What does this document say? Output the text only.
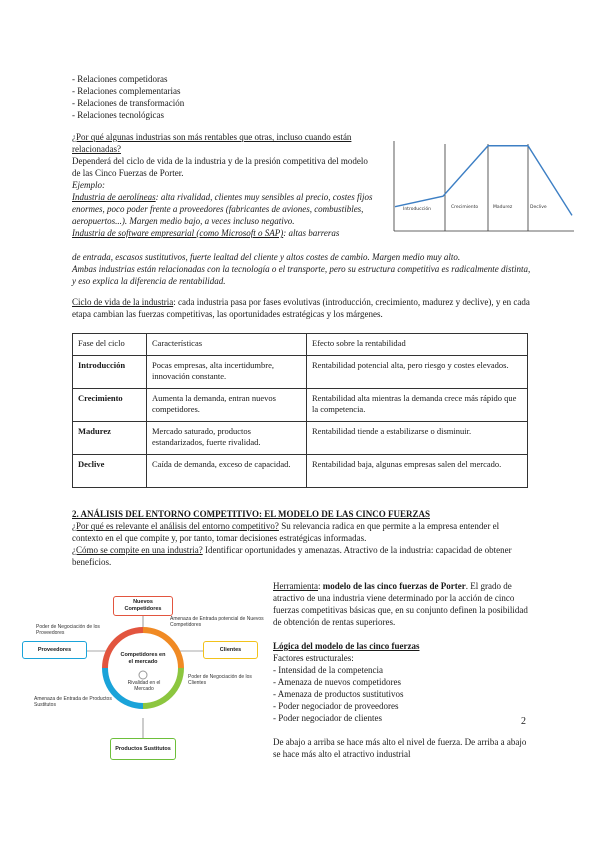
- Relaciones competidoras
- Relaciones complementarias
- Relaciones de transformación
- Relaciones tecnológicas
¿Por qué algunas industrias son más rentables que otras, incluso cuando están relacionadas?
Dependerá del ciclo de vida de la industria y de la presión competitiva del modelo de las Cinco Fuerzas de Porter.
Ejemplo:
Industria de aerolíneas: alta rivalidad, clientes muy sensibles al precio, costes fijos enormes, poco poder frente a proveedores (fabricantes de aviones, combustibles, aeropuertos...). Margen medio bajo, a veces incluso negativo.
Industria de software empresarial (como Microsoft o SAP): altas barreras
de entrada, escasos sustitutivos, fuerte lealtad del cliente y altos costes de cambio. Margen medio muy alto.
Ambas industrias están relacionadas con la tecnología o el transporte, pero su estructura competitiva es radicalmente distinta, y eso explica la diferencia de rentabilidad.
Introducción	Crecimiento	Madurez	Declive
Ciclo de vida de la industria: cada industria pasa por fases evolutivas (introducción, crecimiento, madurez y declive), y en cada etapa cambian las fuerzas competitivas, las oportunidades estratégicas y los márgenes.
Fase del ciclo	Características	Efecto sobre la rentabilidad
Introducción	Pocas empresas, alta incertidumbre, innovación constante.	Rentabilidad potencial alta, pero riesgo y costes elevados.
Crecimiento	Aumenta la demanda, entran nuevos competidores.	Rentabilidad alta mientras la demanda crece más rápido que la competencia.
Madurez	Mercado saturado, productos estandarizados, fuerte rivalidad.	Rentabilidad tiende a estabilizarse o disminuir.
Declive	Caída de demanda, exceso de capacidad.	Rentabilidad baja, algunas empresas salen del mercado.
2. ANÁLISIS DEL ENTORNO COMPETITIVO: EL MODELO DE LAS CINCO FUERZAS
¿Por qué es relevante el análisis del entorno competitivo? Su relevancia radica en que permite a la empresa entender el contexto en el que compite y, por tanto, tomar decisiones estratégicas informadas.
¿Cómo se compite en una industria? Identificar oportunidades y amenazas. Atractivo de la industria: capacidad de obtener beneficios.
Nuevos Competidores
Proveedores	Clientes
Productos Sustitutos
Competidores en el mercado
Rivalidad en el Mercado
Amenaza de Entrada potencial de Nuevos Competidores
Poder de Negociación de los Proveedores
Poder de Negociación de los Clientes
Amenaza de Entrada de Productos Sustitutos
Herramienta: modelo de las cinco fuerzas de Porter. El grado de atractivo de una industria viene determinado por la acción de cinco fuerzas competitivas básicas que, en su conjunto definen la posibilidad de obtención de rentas superiores.
Lógica del modelo de las cinco fuerzas
Factores estructurales:
- Intensidad de la competencia
- Amenaza de nuevos competidores
- Amenaza de productos sustitutivos
- Poder negociador de proveedores
- Poder negociador de clientes
De abajo a arriba se hace más alto el nivel de fuerza. De arriba a abajo se hace más alto el atractivo industrial
2
